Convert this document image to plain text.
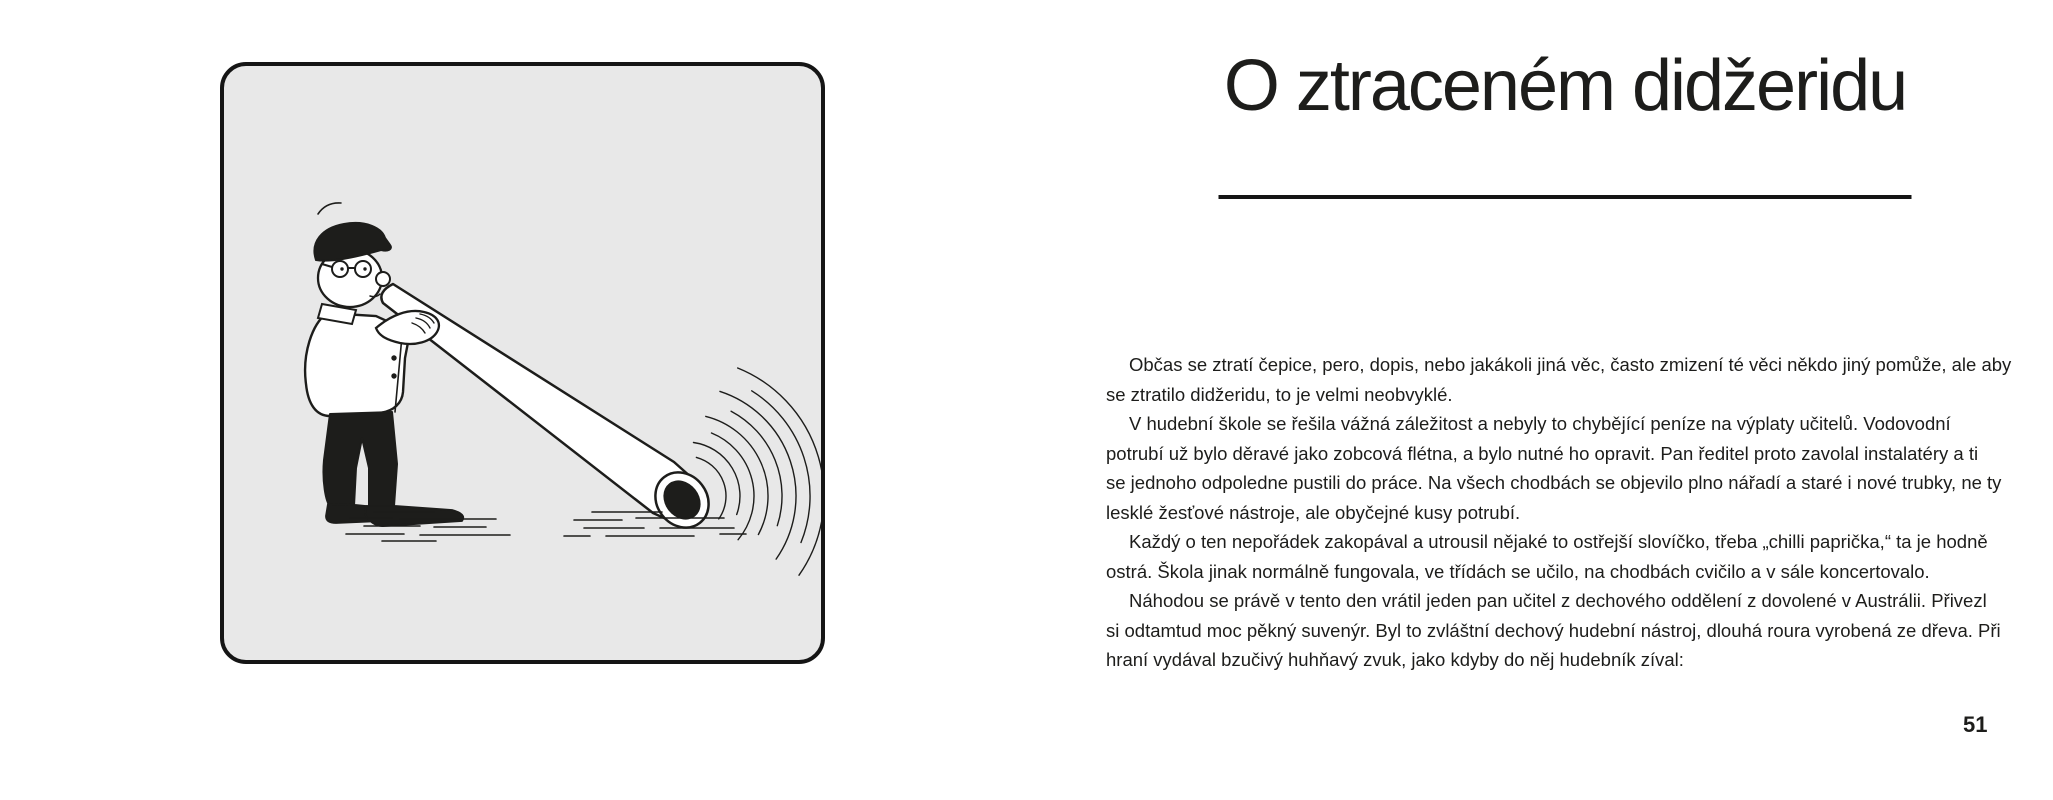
O ztraceném didžeridu
Občas se ztratí čepice, pero, dopis, nebo jakákoli jiná věc, často zmizení té věci někdo jiný pomůže, ale aby
se ztratilo didžeridu, to je velmi neobvyklé.
V hudební škole se řešila vážná záležitost a nebyly to chybějící peníze na výplaty učitelů. Vodovodní
potrubí už bylo děravé jako zobcová flétna, a bylo nutné ho opravit. Pan ředitel proto zavolal instalatéry a ti
se jednoho odpoledne pustili do práce. Na všech chodbách se objevilo plno nářadí a staré i nové trubky, ne ty
lesklé žesťové nástroje, ale obyčejné kusy potrubí.
Každý o ten nepořádek zakopával a utrousil nějaké to ostřejší slovíčko, třeba „chilli paprička,“ ta je hodně
ostrá. Škola jinak normálně fungovala, ve třídách se učilo, na chodbách cvičilo a v sále koncertovalo.
Náhodou se právě v tento den vrátil jeden pan učitel z dechového oddělení z dovolené v Austrálii. Přivezl
si odtamtud moc pěkný suvenýr. Byl to zvláštní dechový hudební nástroj, dlouhá roura vyrobená ze dřeva. Při
hraní vydával bzučivý huhňavý zvuk, jako kdyby do něj hudebník zíval:
51
